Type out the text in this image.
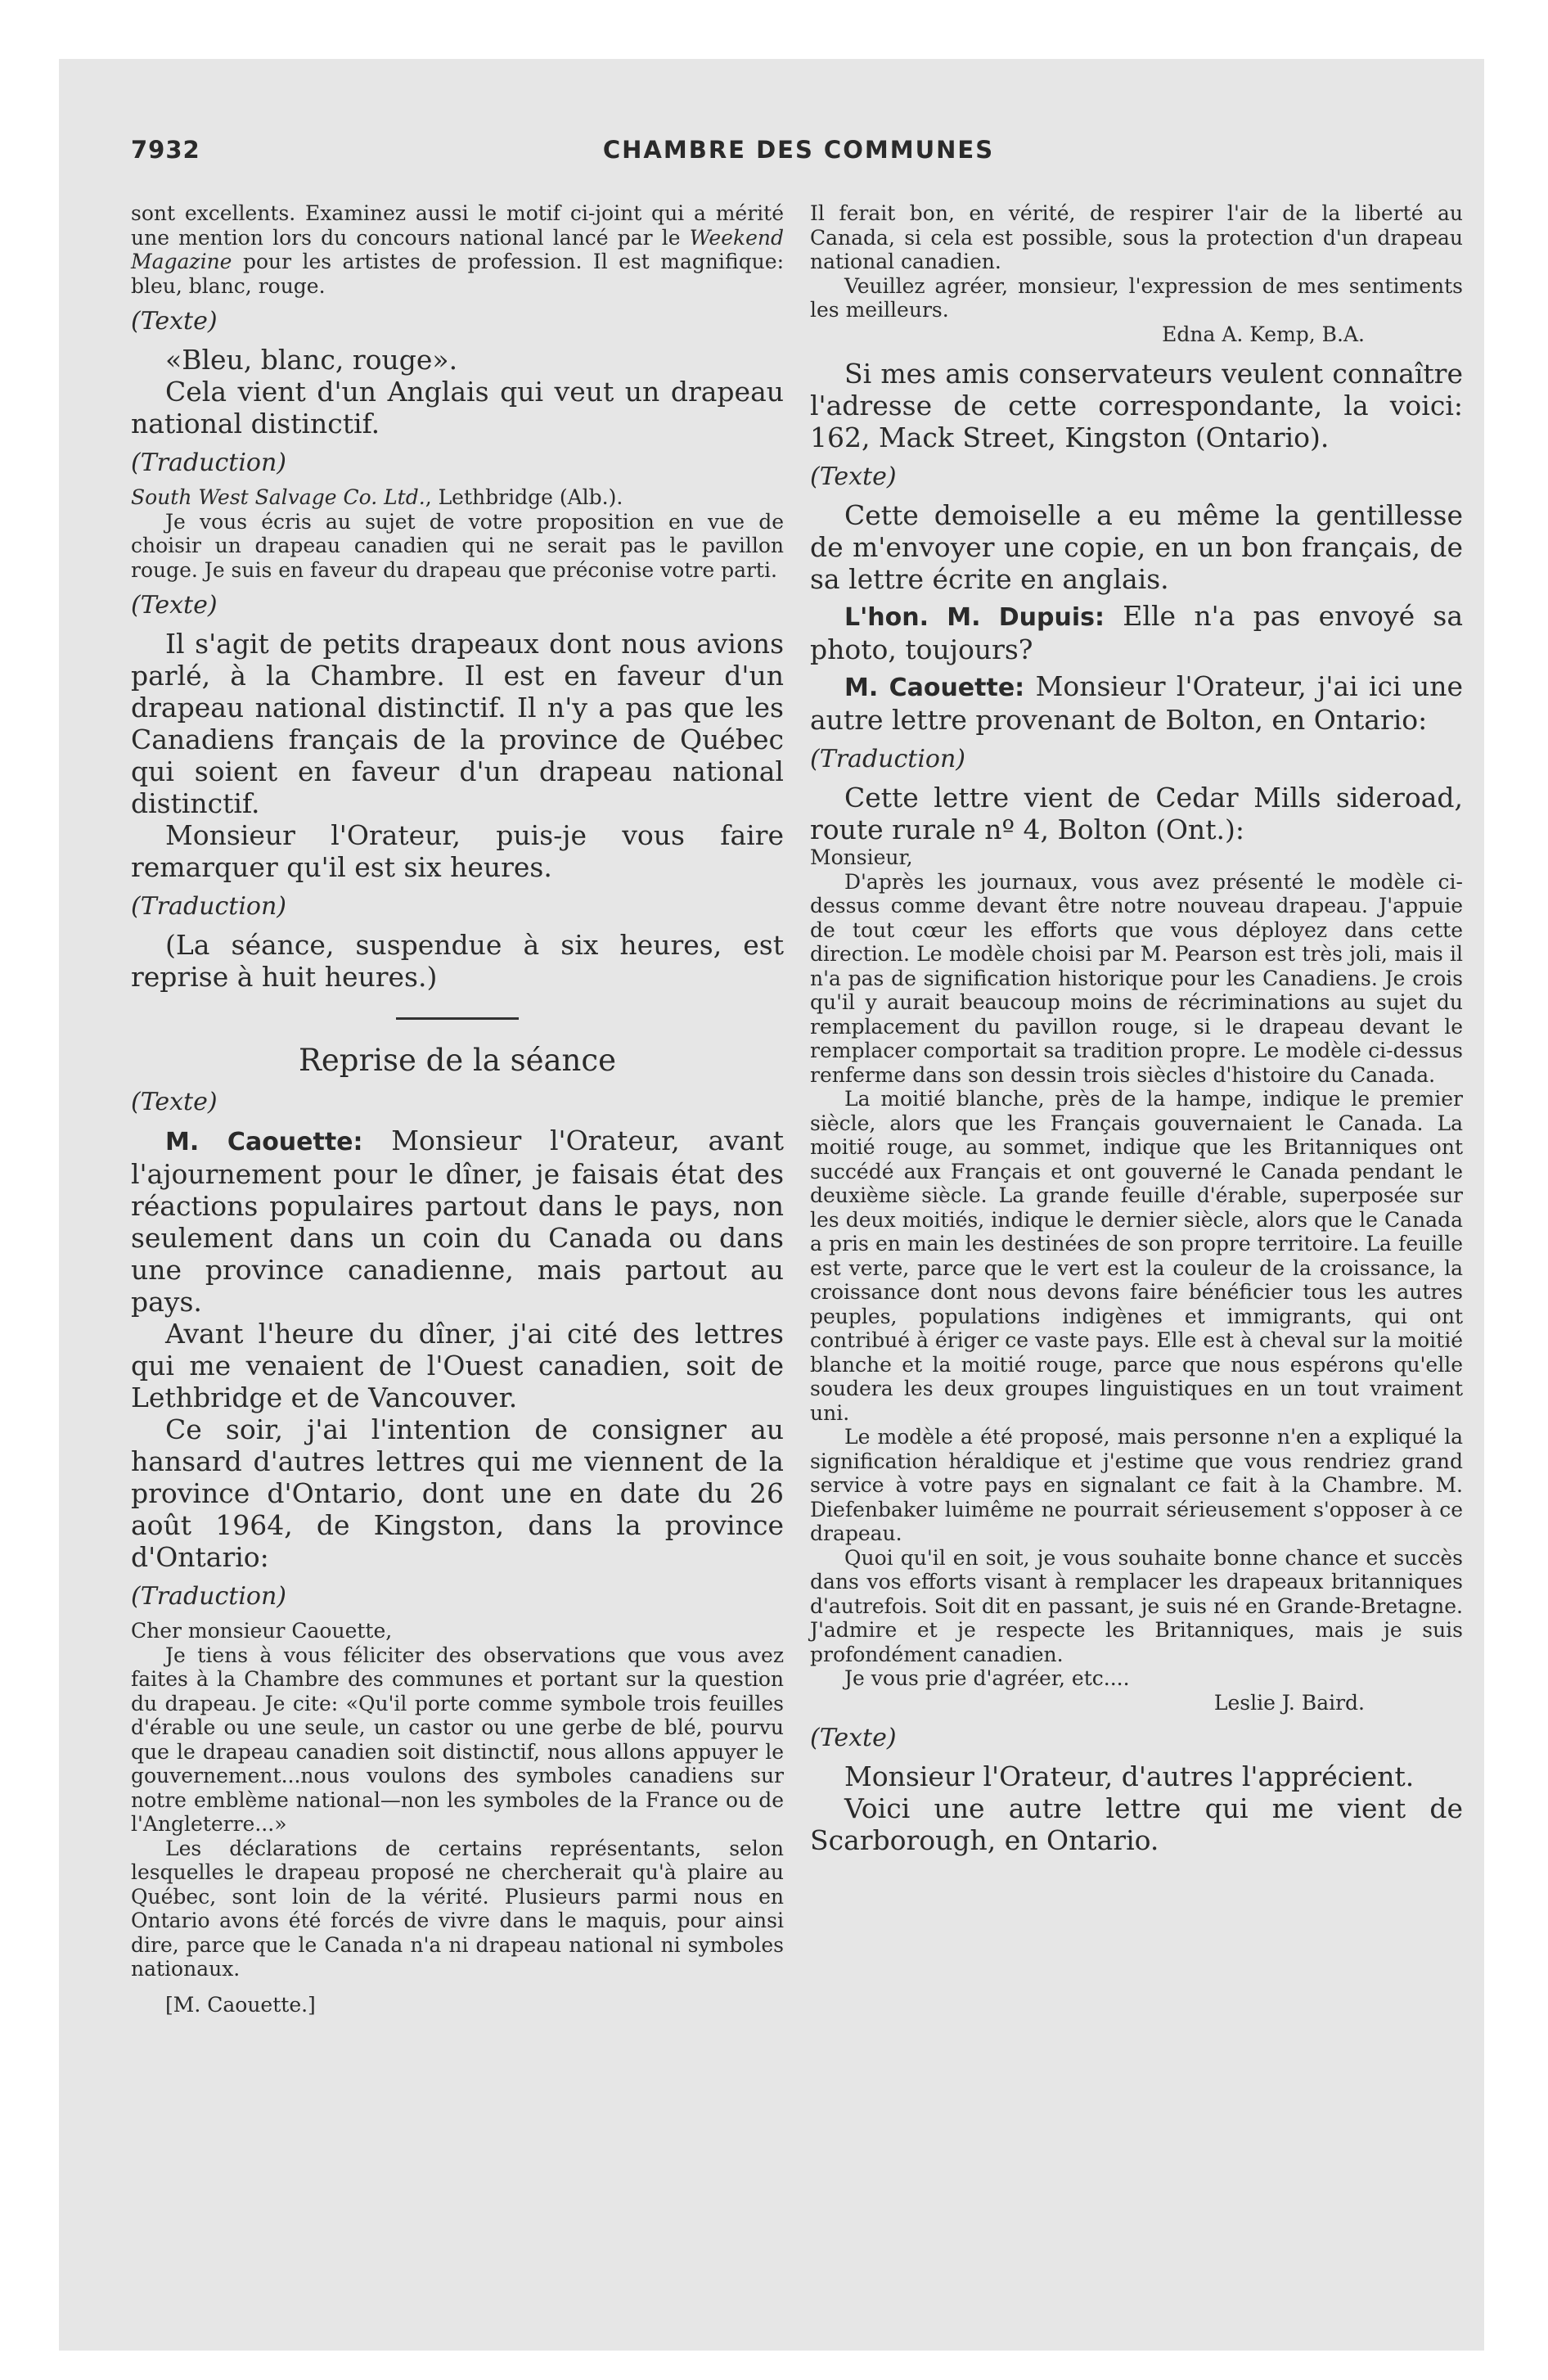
7932	CHAMBRE DES COMMUNES

sont excellents. Examinez aussi le motif ci-joint qui a mérité une mention lors du concours national lancé par le Weekend Magazine pour les artistes de profession. Il est magnifique: bleu, blanc, rouge.

(Texte)

«Bleu, blanc, rouge».

Cela vient d'un Anglais qui veut un drapeau national distinctif.

(Traduction)

South West Salvage Co. Ltd., Lethbridge (Alb.).

Je vous écris au sujet de votre proposition en vue de choisir un drapeau canadien qui ne serait pas le pavillon rouge. Je suis en faveur du drapeau que préconise votre parti.

(Texte)

Il s'agit de petits drapeaux dont nous avions parlé, à la Chambre. Il est en faveur d'un drapeau national distinctif. Il n'y a pas que les Canadiens français de la province de Québec qui soient en faveur d'un drapeau national distinctif.

Monsieur l'Orateur, puis-je vous faire remarquer qu'il est six heures.

(Traduction)

(La séance, suspendue à six heures, est reprise à huit heures.)

Reprise de la séance
(Texte)

M. Caouette: Monsieur l'Orateur, avant l'ajournement pour le dîner, je faisais état des réactions populaires partout dans le pays, non seulement dans un coin du Canada ou dans une province canadienne, mais partout au pays.

Avant l'heure du dîner, j'ai cité des lettres qui me venaient de l'Ouest canadien, soit de Lethbridge et de Vancouver.

Ce soir, j'ai l'intention de consigner au hansard d'autres lettres qui me viennent de la province d'Ontario, dont une en date du 26 août 1964, de Kingston, dans la province d'Ontario:

(Traduction)

Cher monsieur Caouette,

Je tiens à vous féliciter des observations que vous avez faites à la Chambre des communes et portant sur la question du drapeau. Je cite: «Qu'il porte comme symbole trois feuilles d'érable ou une seule, un castor ou une gerbe de blé, pourvu que le drapeau canadien soit distinctif, nous allons appuyer le gouvernement...nous voulons des symboles canadiens sur notre emblème national—non les symboles de la France ou de l'Angleterre...»

Les déclarations de certains représentants, selon lesquelles le drapeau proposé ne chercherait qu'à plaire au Québec, sont loin de la vérité. Plusieurs parmi nous en Ontario avons été forcés de vivre dans le maquis, pour ainsi dire, parce que le Canada n'a ni drapeau national ni symboles nationaux.

[M. Caouette.]

Il ferait bon, en vérité, de respirer l'air de la liberté au Canada, si cela est possible, sous la protection d'un drapeau national canadien.

Veuillez agréer, monsieur, l'expression de mes sentiments les meilleurs.

Edna A. Kemp, B.A.

Si mes amis conservateurs veulent connaître l'adresse de cette correspondante, la voici: 162, Mack Street, Kingston (Ontario).

(Texte)

Cette demoiselle a eu même la gentillesse de m'envoyer une copie, en un bon français, de sa lettre écrite en anglais.

L'hon. M. Dupuis: Elle n'a pas envoyé sa photo, toujours?

M. Caouette: Monsieur l'Orateur, j'ai ici une autre lettre provenant de Bolton, en Ontario:

(Traduction)

Cette lettre vient de Cedar Mills sideroad, route rurale nº 4, Bolton (Ont.):

Monsieur,

D'après les journaux, vous avez présenté le modèle ci-dessus comme devant être notre nouveau drapeau. J'appuie de tout cœur les efforts que vous déployez dans cette direction. Le modèle choisi par M. Pearson est très joli, mais il n'a pas de signification historique pour les Canadiens. Je crois qu'il y aurait beaucoup moins de récriminations au sujet du remplacement du pavillon rouge, si le drapeau devant le remplacer comportait sa tradition propre. Le modèle ci-dessus renferme dans son dessin trois siècles d'histoire du Canada.

La moitié blanche, près de la hampe, indique le premier siècle, alors que les Français gouvernaient le Canada. La moitié rouge, au sommet, indique que les Britanniques ont succédé aux Français et ont gouverné le Canada pendant le deuxième siècle. La grande feuille d'érable, superposée sur les deux moitiés, indique le dernier siècle, alors que le Canada a pris en main les destinées de son propre territoire. La feuille est verte, parce que le vert est la couleur de la croissance, la croissance dont nous devons faire bénéficier tous les autres peuples, populations indigènes et immigrants, qui ont contribué à ériger ce vaste pays. Elle est à cheval sur la moitié blanche et la moitié rouge, parce que nous espérons qu'elle soudera les deux groupes linguistiques en un tout vraiment uni.

Le modèle a été proposé, mais personne n'en a expliqué la signification héraldique et j'estime que vous rendriez grand service à votre pays en signalant ce fait à la Chambre. M. Diefenbaker luimême ne pourrait sérieusement s'opposer à ce drapeau.

Quoi qu'il en soit, je vous souhaite bonne chance et succès dans vos efforts visant à remplacer les drapeaux britanniques d'autrefois. Soit dit en passant, je suis né en Grande-Bretagne. J'admire et je respecte les Britanniques, mais je suis profondément canadien.

Je vous prie d'agréer, etc....

Leslie J. Baird.

(Texte)

Monsieur l'Orateur, d'autres l'apprécient.

Voici une autre lettre qui me vient de Scarborough, en Ontario.
